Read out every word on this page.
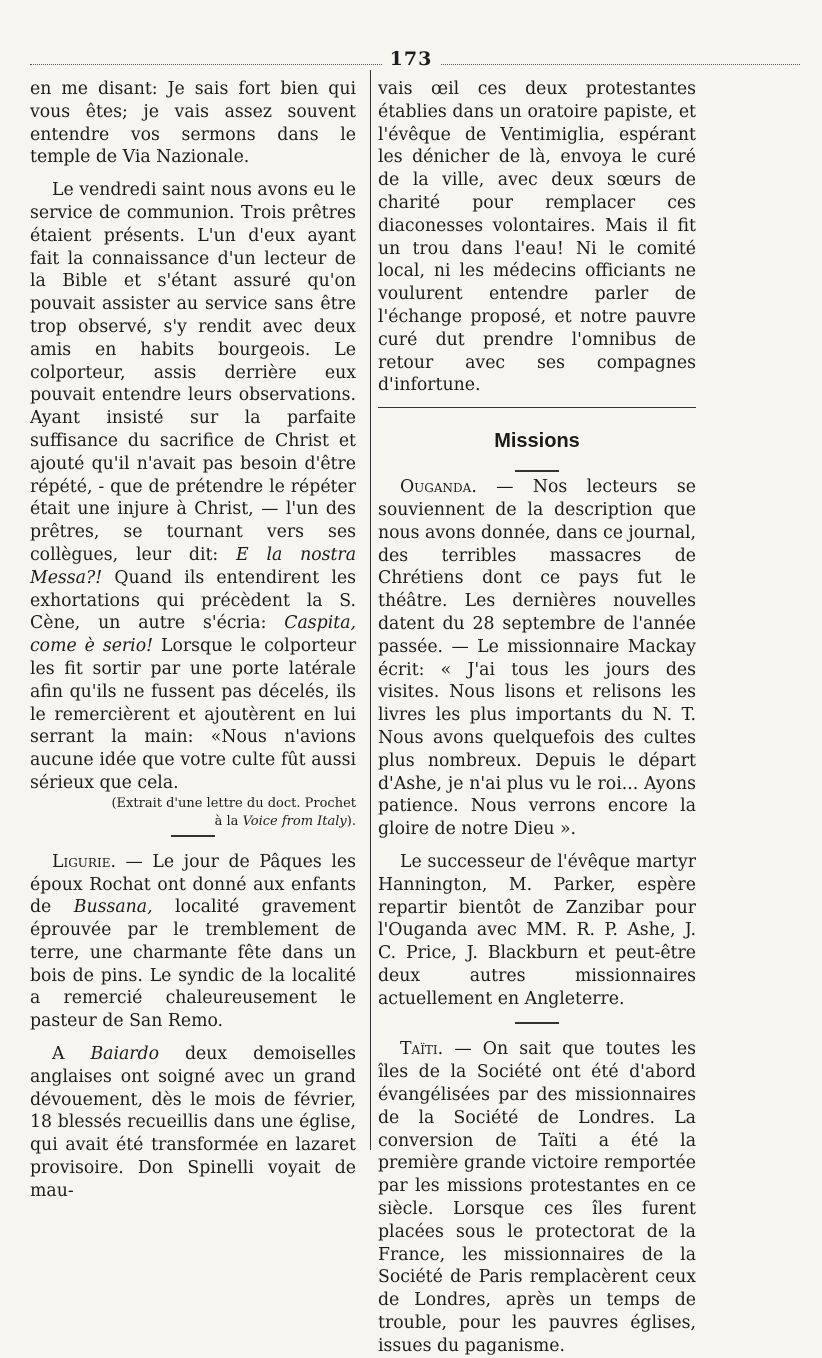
173

en me disant: Je sais fort bien qui vous êtes; je vais assez souvent entendre vos sermons dans le temple de Via Nazionale.

Le vendredi saint nous avons eu le service de communion. Trois prêtres étaient présents. L'un d'eux ayant fait la connaissance d'un lecteur de la Bible et s'étant assuré qu'on pouvait assister au service sans être trop observé, s'y rendit avec deux amis en habits bourgeois. Le colporteur, assis derrière eux pouvait entendre leurs observations. Ayant insisté sur la parfaite suffisance du sacrifice de Christ et ajouté qu'il n'avait pas besoin d'être répété, - que de prétendre le répéter était une injure à Christ, — l'un des prêtres, se tournant vers ses collègues, leur dit: E la nostra Messa?! Quand ils entendirent les exhortations qui précèdent la S. Cène, un autre s'écria: Caspita, come è serio! Lorsque le colporteur les fit sortir par une porte latérale afin qu'ils ne fussent pas décelés, ils le remercièrent et ajoutèrent en lui serrant la main: «Nous n'avions aucune idée que votre culte fût aussi sérieux que cela.

(Extrait d'une lettre du doct. Prochet
à la Voice from Italy).

Ligurie. — Le jour de Pâques les époux Rochat ont donné aux enfants de Bussana, localité gravement éprouvée par le tremblement de terre, une charmante fête dans un bois de pins. Le syndic de la localité a remercié chaleureusement le pasteur de San Remo.

A Baiardo deux demoiselles anglaises ont soigné avec un grand dévouement, dès le mois de février, 18 blessés recueillis dans une église, qui avait été transformée en lazaret provisoire. Don Spinelli voyait de mau-

vais œil ces deux protestantes établies dans un oratoire papiste, et l'évêque de Ventimiglia, espérant les dénicher de là, envoya le curé de la ville, avec deux sœurs de charité pour remplacer ces diaconesses volontaires. Mais il fit un trou dans l'eau! Ni le comité local, ni les médecins officiants ne voulurent entendre parler de l'échange proposé, et notre pauvre curé dut prendre l'omnibus de retour avec ses compagnes d'infortune.

Missions

Ouganda. — Nos lecteurs se souviennent de la description que nous avons donnée, dans ce journal, des terribles massacres de Chrétiens dont ce pays fut le théâtre. Les dernières nouvelles datent du 28 septembre de l'année passée. — Le missionnaire Mackay écrit: « J'ai tous les jours des visites. Nous lisons et relisons les livres les plus importants du N. T. Nous avons quelquefois des cultes plus nombreux. Depuis le départ d'Ashe, je n'ai plus vu le roi... Ayons patience. Nous verrons encore la gloire de notre Dieu ».

Le successeur de l'évêque martyr Hannington, M. Parker, espère repartir bientôt de Zanzibar pour l'Ouganda avec MM. R. P. Ashe, J. C. Price, J. Blackburn et peut-être deux autres missionnaires actuellement en Angleterre.

Taïti. — On sait que toutes les îles de la Société ont été d'abord évangélisées par des missionnaires de la Société de Londres. La conversion de Taïti a été la première grande victoire remportée par les missions protestantes en ce siècle. Lorsque ces îles furent placées sous le protectorat de la France, les missionnaires de la Société de Paris remplacèrent ceux de Londres, après un temps de trouble, pour les pauvres églises, issues du paganisme.
